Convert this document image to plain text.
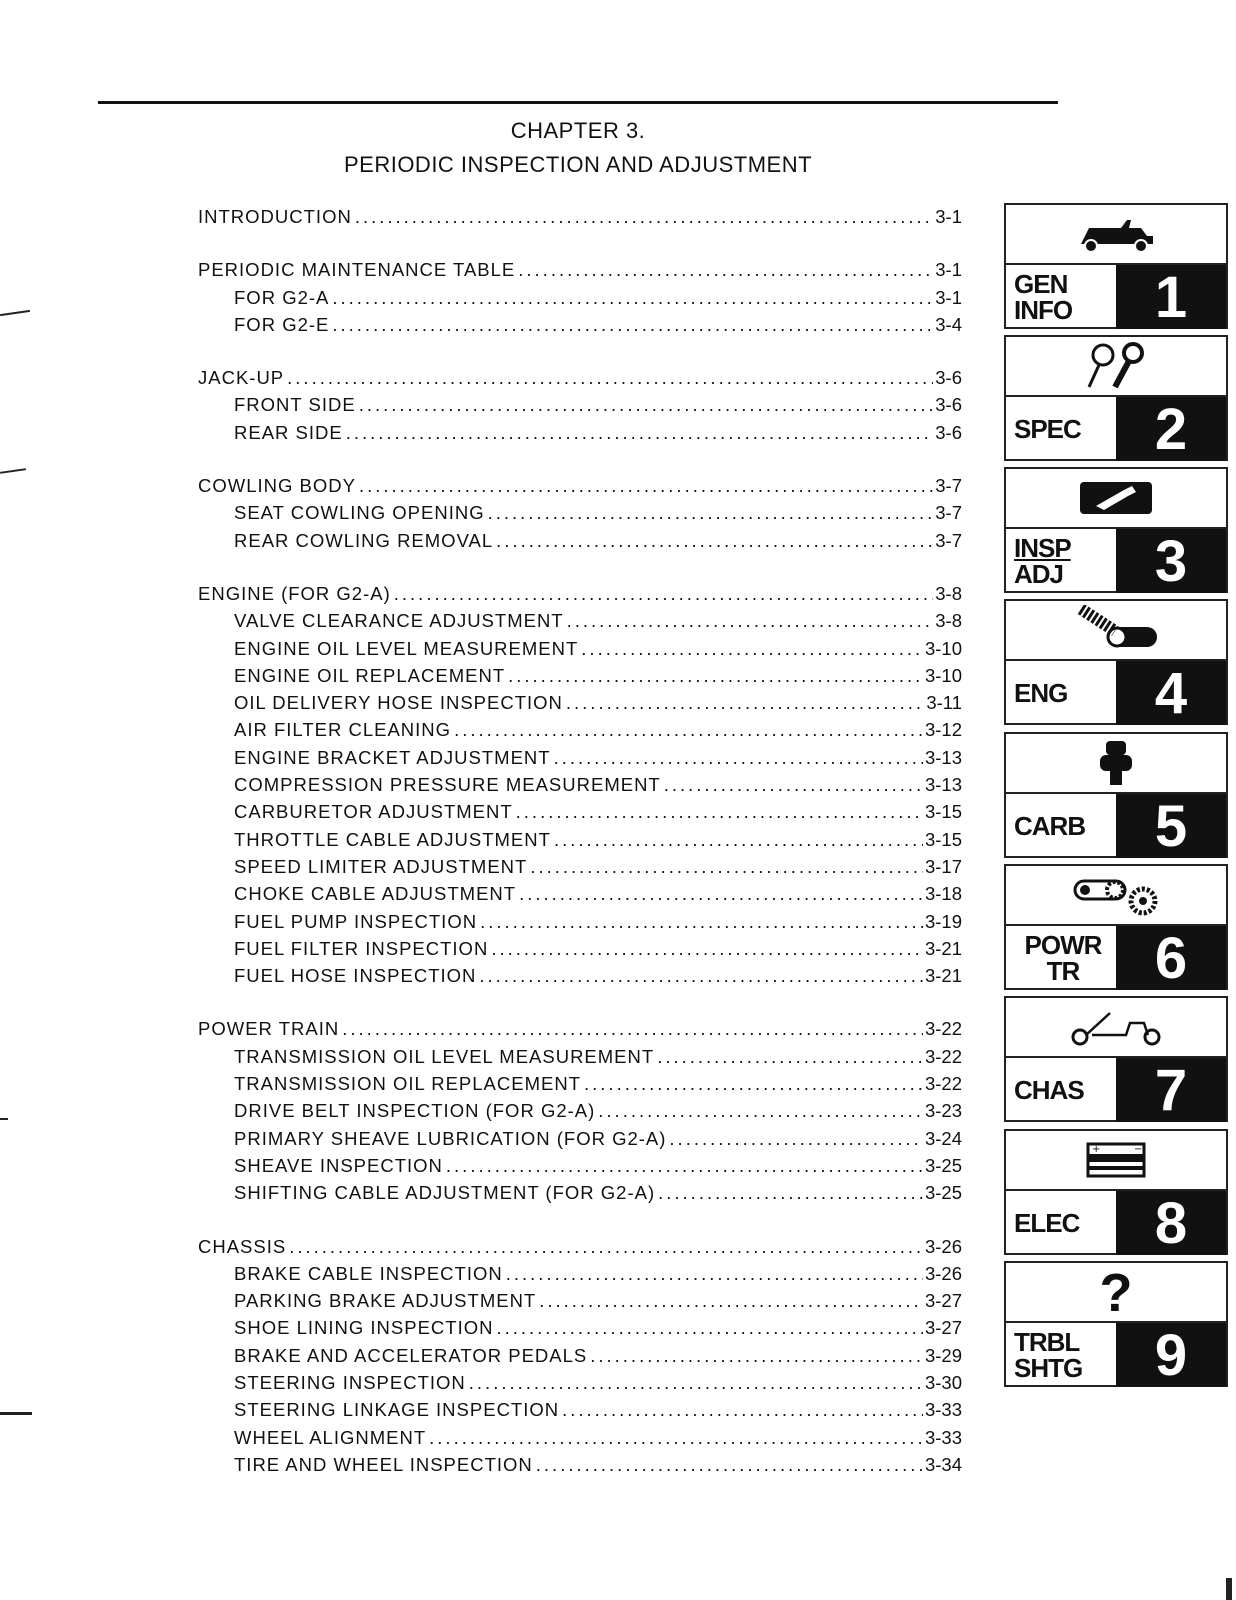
CHAPTER 3.
PERIODIC INSPECTION AND ADJUSTMENT
INTRODUCTION .....	3-1
PERIODIC MAINTENANCE TABLE .....	3-1
FOR G2-A .....	3-1
FOR G2-E .....	3-4
JACK-UP .....	3-6
FRONT SIDE .....	3-6
REAR SIDE .....	3-6
COWLING BODY .....	3-7
SEAT COWLING OPENING .....	3-7
REAR COWLING REMOVAL .....	3-7
ENGINE (FOR G2-A) .....	3-8
VALVE CLEARANCE ADJUSTMENT .....	3-8
ENGINE OIL LEVEL MEASUREMENT .....	3-10
ENGINE OIL REPLACEMENT .....	3-10
OIL DELIVERY HOSE INSPECTION .....	3-11
AIR FILTER CLEANING .....	3-12
ENGINE BRACKET ADJUSTMENT .....	3-13
COMPRESSION PRESSURE MEASUREMENT .....	3-13
CARBURETOR ADJUSTMENT .....	3-15
THROTTLE CABLE ADJUSTMENT .....	3-15
SPEED LIMITER ADJUSTMENT .....	3-17
CHOKE CABLE ADJUSTMENT .....	3-18
FUEL PUMP INSPECTION .....	3-19
FUEL FILTER INSPECTION .....	3-21
FUEL HOSE INSPECTION .....	3-21
POWER TRAIN .....	3-22
TRANSMISSION OIL LEVEL MEASUREMENT .....	3-22
TRANSMISSION OIL REPLACEMENT .....	3-22
DRIVE BELT INSPECTION (FOR G2-A) .....	3-23
PRIMARY SHEAVE LUBRICATION (FOR G2-A) .....	3-24
SHEAVE INSPECTION .....	3-25
SHIFTING CABLE ADJUSTMENT (FOR G2-A) .....	3-25
CHASSIS .....	3-26
BRAKE CABLE INSPECTION .....	3-26
PARKING BRAKE ADJUSTMENT .....	3-27
SHOE LINING INSPECTION .....	3-27
BRAKE AND ACCELERATOR PEDALS .....	3-29
STEERING INSPECTION .....	3-30
STEERING LINKAGE INSPECTION .....	3-33
WHEEL ALIGNMENT .....	3-33
TIRE AND WHEEL INSPECTION .....	3-34
GEN
INFO	1
SPEC	2
INSP
ADJ	3
ENG	4
CARB	5
POWR
TR	6
CHAS	7
+	−
ELEC	8
?
TRBL
SHTG	9
